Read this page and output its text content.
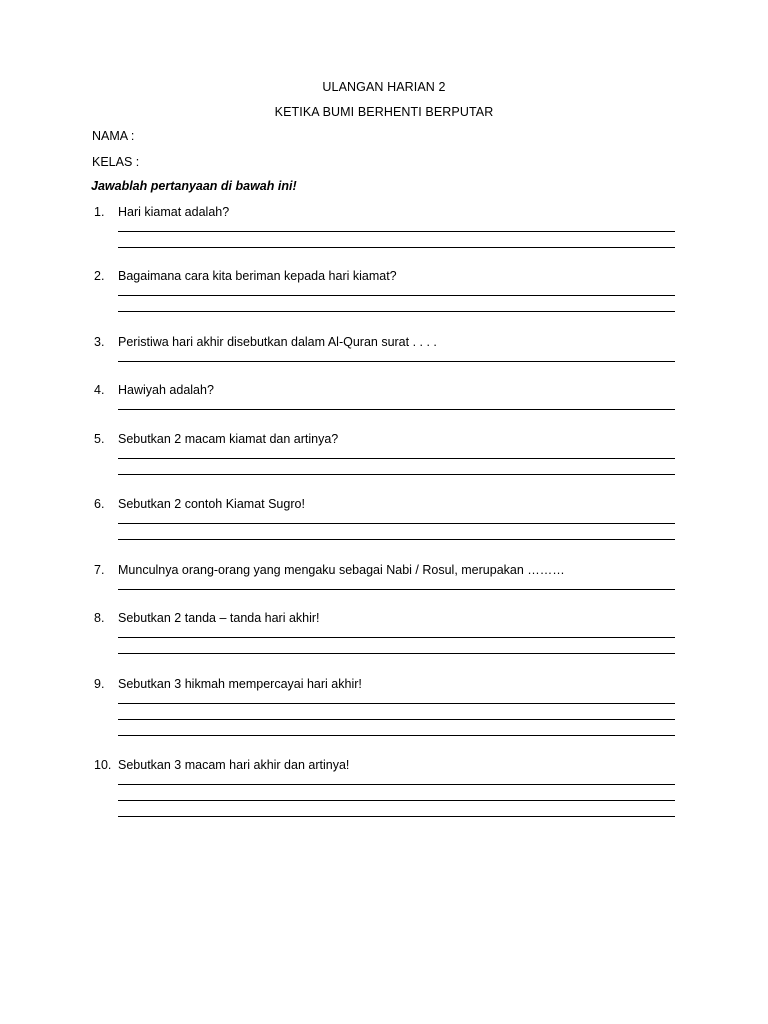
ULANGAN HARIAN 2
KETIKA BUMI BERHENTI BERPUTAR
NAMA :
KELAS :
Jawablah pertanyaan di bawah ini!
1.	Hari kiamat adalah?
2.	Bagaimana cara kita beriman kepada hari kiamat?
3.	Peristiwa hari akhir disebutkan dalam Al-Quran surat . . . .
4.	Hawiyah adalah?
5.	Sebutkan 2 macam kiamat dan artinya?
6.	Sebutkan 2 contoh Kiamat Sugro!
7.	Munculnya orang-orang yang mengaku sebagai Nabi / Rosul, merupakan ………
8.	Sebutkan 2 tanda – tanda hari akhir!
9.	Sebutkan 3 hikmah mempercayai hari akhir!
10. Sebutkan 3 macam hari akhir dan artinya!
